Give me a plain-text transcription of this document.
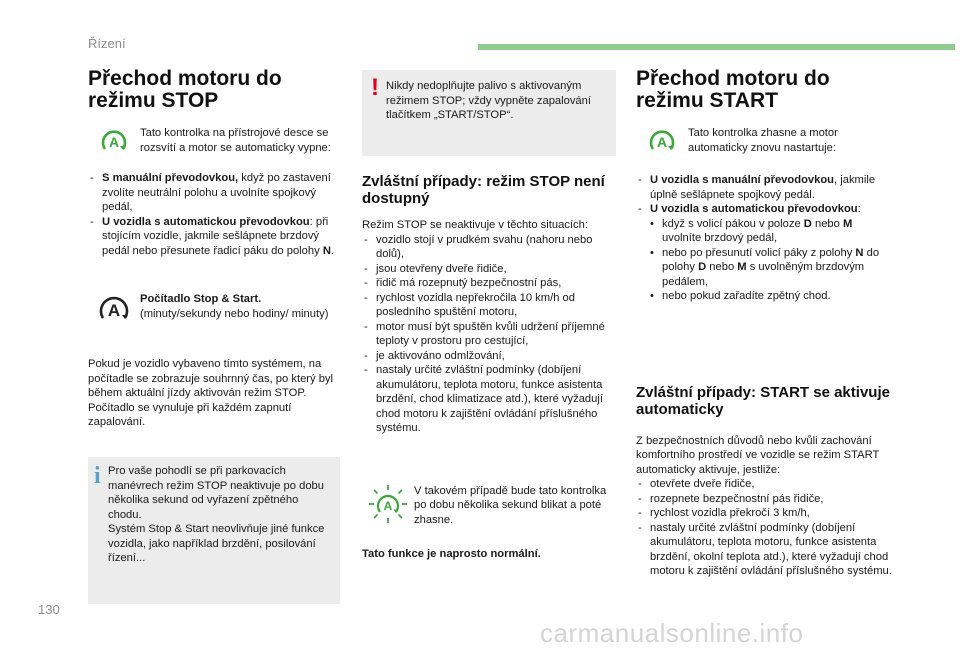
Řízení
Přechod motoru do režimu STOP
A

Tato kontrolka na přístrojové desce se rozsvítí a motor se automaticky vypne:

- S manuální převodovkou, když po zastavení zvolíte neutrální polohu a uvolníte spojkový pedál,
- U vozidla s automatickou převodovkou: při stojícím vozidle, jakmile sešlápnete brzdový pedál nebo přesunete řadicí páku do polohy N.
A

Počítadlo Stop & Start.

(minuty/sekundy nebo hodiny/ minuty)

Pokud je vozidlo vybaveno tímto systémem, na počítadle se zobrazuje souhrnný čas, po který byl během aktuální jízdy aktivován režim STOP. Počítadlo se vynuluje při každém zapnutí zapalování.

i Pro vaše pohodlí se při parkovacích manévrech režim STOP neaktivuje po dobu několika sekund od vyřazení zpětného chodu.

Systém Stop & Start neovlivňuje jiné funkce vozidla, jako například brzdění, posilování řízení...

! Nikdy nedoplňujte palivo s aktivovaným režimem STOP; vždy vypněte zapalování tlačítkem „START/STOP“.

Zvláštní případy: režim STOP není dostupný

Režim STOP se neaktivuje v těchto situacích:

- vozidlo stojí v prudkém svahu (nahoru nebo dolů),
- jsou otevřeny dveře řidiče,
- řidič má rozepnutý bezpečnostní pás,
- rychlost vozidla nepřekročila 10 km/h od posledního spuštění motoru,
- motor musí být spuštěn kvůli udržení příjemné teploty v prostoru pro cestující,
- je aktivováno odmlžování,
- nastaly určité zvláštní podmínky (dobíjení akumulátoru, teplota motoru, funkce asistenta brzdění, chod klimatizace atd.), které vyžadují chod motoru k zajištění ovládání příslušného systému.
A

V takovém případě bude tato kontrolka po dobu několika sekund blikat a poté zhasne.

Tato funkce je naprosto normální.

Přechod motoru do režimu START
A

Tato kontrolka zhasne a motor automaticky znovu nastartuje:

- U vozidla s manuální převodovkou, jakmile úplně sešlápnete spojkový pedál.
- U vozidla s automatickou převodovkou:
• když s volicí pákou v poloze D nebo M uvolníte brzdový pedál,
• nebo po přesunutí volicí páky z polohy N do polohy D nebo M s uvolněným brzdovým pedálem,
• nebo pokud zařadíte zpětný chod.
Zvláštní případy: START se aktivuje automaticky

Z bezpečnostních důvodů nebo kvůli zachování komfortního prostředí ve vozidle se režim START automaticky aktivuje, jestliže:

- otevřete dveře řidiče,
- rozepnete bezpečnostní pás řidiče,
- rychlost vozidla překročí 3 km/h,
- nastaly určité zvláštní podmínky (dobíjení akumulátoru, teplota motoru, funkce asistenta brzdění, okolní teplota atd.), které vyžadují chod motoru k zajištění ovládání příslušného systému.
130
carmanualsonline.info
